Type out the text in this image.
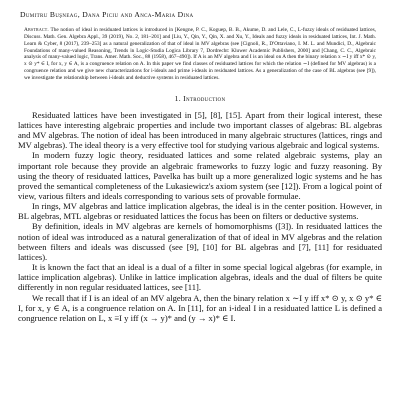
Dumitru Buşneag, Dana Piciu and Anca-Maria Dina
Abstract. The notion of ideal in residuated lattices is introduced in [Kengne, P. C., Koguep, B. B., Akume, D. and Lele, C., L-fuzzy ideals of residuated lattices, Discuss. Math. Gen. Algebra Appl., 39 (2019), No. 2, 181–201] and [Liu, Y., Qin, Y., Qin, X. and Xu, Y., Ideals and fuzzy ideals in residuated lattices, Int. J. Math. Learn & Cyber, 8 (2017), 239–253] as a natural generalization of that of ideal in MV algebras (see [Cignoli, R., D'Ottaviano, I. M. L. and Mundici, D., Algebraic Foundations of many-valued Reasoning, Trends in Logic-Studia Logica Library 7, Dordrecht: Kluwer Academic Publishers, 2000] and [Chang, C. C., Algebraic analysis of many-valued logic, Trans. Amer. Math. Soc., 88 (1958), 467–490]). If A is an MV algebra and I is an ideal on A then the binary relation x ∼I y iff x* ⊙ y, x ⊙ y* ∈ I, for x, y ∈ A, is a congruence relation on A. In this paper we find classes of residuated lattices for which the relation ∼I (defined for MV algebras) is a congruence relation and we give new characterizations for i-ideals and prime i-ideals in residuated lattices. As a generalization of the case of BL algebras (see [9]), we investigate the relationship between i-ideals and deductive systems in residuated lattices.
1. Introduction

Residuated lattices have been investigated in [5], [8], [15]. Apart from their logical interest, these lattices have interesting algebraic properties and include two important classes of algebras: BL algebras and MV algebras. The notion of ideal has been introduced in many algebraic structures (lattices, rings and MV algebras). The ideal theory is a very effective tool for studying various algebraic and logical systems.

In modern fuzzy logic theory, residuated lattices and some related algebraic systems, play an important role because they provide an algebraic frameworks to fuzzy logic and fuzzy reasoning. By using the theory of residuated lattices, Pavelka has built up a more generalized logic systems and he has proved the semantical completeness of the Lukasiewicz's axiom system (see [12]). From a logical point of view, various filters and ideals corresponding to various sets of provable formulae.

In rings, MV algebras and lattice implication algebras, the ideal is in the center position. However, in BL algebras, MTL algebras or residuated lattices the focus has been on filters or deductive systems.

By definition, ideals in MV algebras are kernels of homomorphisms ([3]). In residuated lattices the notion of ideal was introduced as a natural generalization of that of ideal in MV algebras and the relation between filters and ideals was discussed (see [9], [10] for BL algebras and [7], [11] for residuated lattices).

It is known the fact that an ideal is a dual of a filter in some special logical algebras (for example, in lattice implication algebras). Unlike in lattice implication algebras, ideals and the dual of filters be quite differently in non regular residuated lattices, see [11].

We recall that if I is an ideal of an MV algebra A, then the binary relation x ∼I y iff x* ⊙ y, x ⊙ y* ∈ I, for x, y ∈ A, is a congruence relation on A. In [11], for an i-ideal I in a residuated lattice L is defined a congruence relation on L, x ≡I y iff (x → y)* and (y → x)* ∈ I.
